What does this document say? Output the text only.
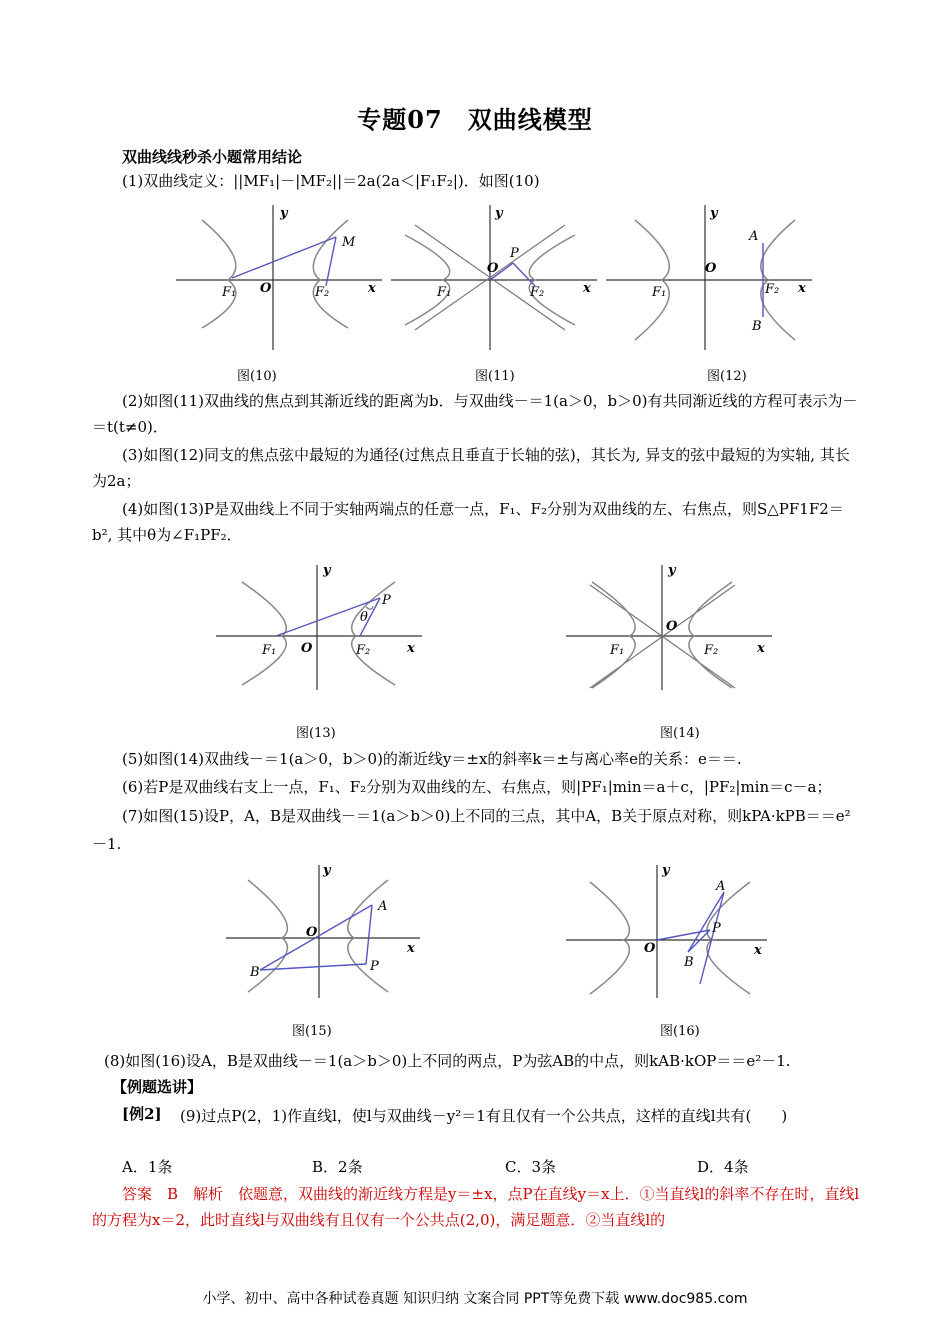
专题07　双曲线模型
双曲线线秒杀小题常用结论
(1)双曲线定义：||MF₁|－|MF₂||＝2a(2a＜|F₁F₂|)．如图(10)
y
x
O
F₁	F₂
M
图(10)
y
x
O
F₁	F₂
P
图(11)
y
x
O
F₁	F₂
A
B
图(12)
(2)如图(11)双曲线的焦点到其渐近线的距离为b．与双曲线－＝1(a＞0，b＞0)有共同渐近线的方程可表示为－＝t(t≠0)．
(3)如图(12)同支的焦点弦中最短的为通径(过焦点且垂直于长轴的弦)，其长为, 异支的弦中最短的为实轴, 其长为2a；
(4)如图(13)P是双曲线上不同于实轴两端点的任意一点，F₁、F₂分别为双曲线的左、右焦点，则S△PF1F2＝b², 其中θ为∠F₁PF₂．
y
x
O
F₁	F₂
P
θ
图(13)
y
x
O
F₁	F₂
图(14)
(5)如图(14)双曲线－＝1(a＞0，b＞0)的渐近线y＝±x的斜率k＝±与离心率e的关系：e＝＝.
(6)若P是双曲线右支上一点，F₁、F₂分别为双曲线的左、右焦点，则|PF₁|min＝a＋c，|PF₂|min＝c－a；
(7)如图(15)设P，A，B是双曲线－＝1(a＞b＞0)上不同的三点，其中A，B关于原点对称，则kPA·kPB＝＝e²－1.
y
x
O
A
B	P
图(15)
y
x
O
A
B
P
图(16)
(8)如图(16)设A，B是双曲线－＝1(a＞b＞0)上不同的两点，P为弦AB的中点，则kAB·kOP＝＝e²－1.
【例题选讲】
[例2]	(9)过点P(2，1)作直线l，使l与双曲线－y²＝1有且仅有一个公共点，这样的直线l共有(　　)
A．1条	B．2条	C．3条	D．4条
答案　B　解析　依题意，双曲线的渐近线方程是y＝±x，点P在直线y＝x上．①当直线l的斜率不存在时，直线l的方程为x＝2，此时直线l与双曲线有且仅有一个公共点(2,0)，满足题意．②当直线l的
小学、初中、高中各种试卷真题 知识归纳 文案合同 PPT等免费下载 www.doc985.com
